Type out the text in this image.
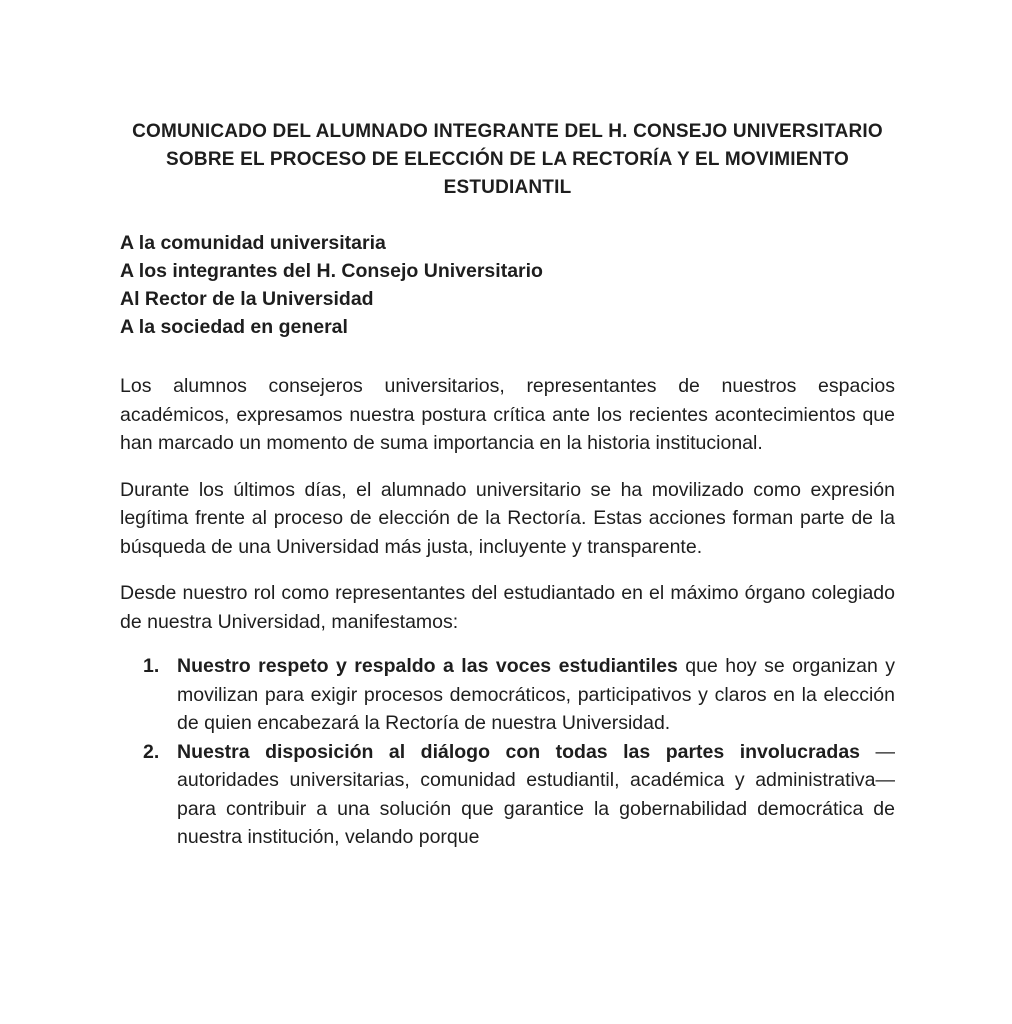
COMUNICADO DEL ALUMNADO INTEGRANTE DEL H. CONSEJO UNIVERSITARIO SOBRE EL PROCESO DE ELECCIÓN DE LA RECTORÍA Y EL MOVIMIENTO ESTUDIANTIL

A la comunidad universitaria

A los integrantes del H. Consejo Universitario

Al Rector de la Universidad

A la sociedad en general

Los alumnos consejeros universitarios, representantes de nuestros espacios académicos, expresamos nuestra postura crítica ante los recientes acontecimientos que han marcado un momento de suma importancia en la historia institucional.

Durante los últimos días, el alumnado universitario se ha movilizado como expresión legítima frente al proceso de elección de la Rectoría. Estas acciones forman parte de la búsqueda de una Universidad más justa, incluyente y transparente.

Desde nuestro rol como representantes del estudiantado en el máximo órgano colegiado de nuestra Universidad, manifestamos:

1. Nuestro respeto y respaldo a las voces estudiantiles que hoy se organizan y movilizan para exigir procesos democráticos, participativos y claros en la elección de quien encabezará la Rectoría de nuestra Universidad.
2. Nuestra disposición al diálogo con todas las partes involucradas — autoridades universitarias, comunidad estudiantil, académica y administrativa— para contribuir a una solución que garantice la gobernabilidad democrática de nuestra institución, velando porque
